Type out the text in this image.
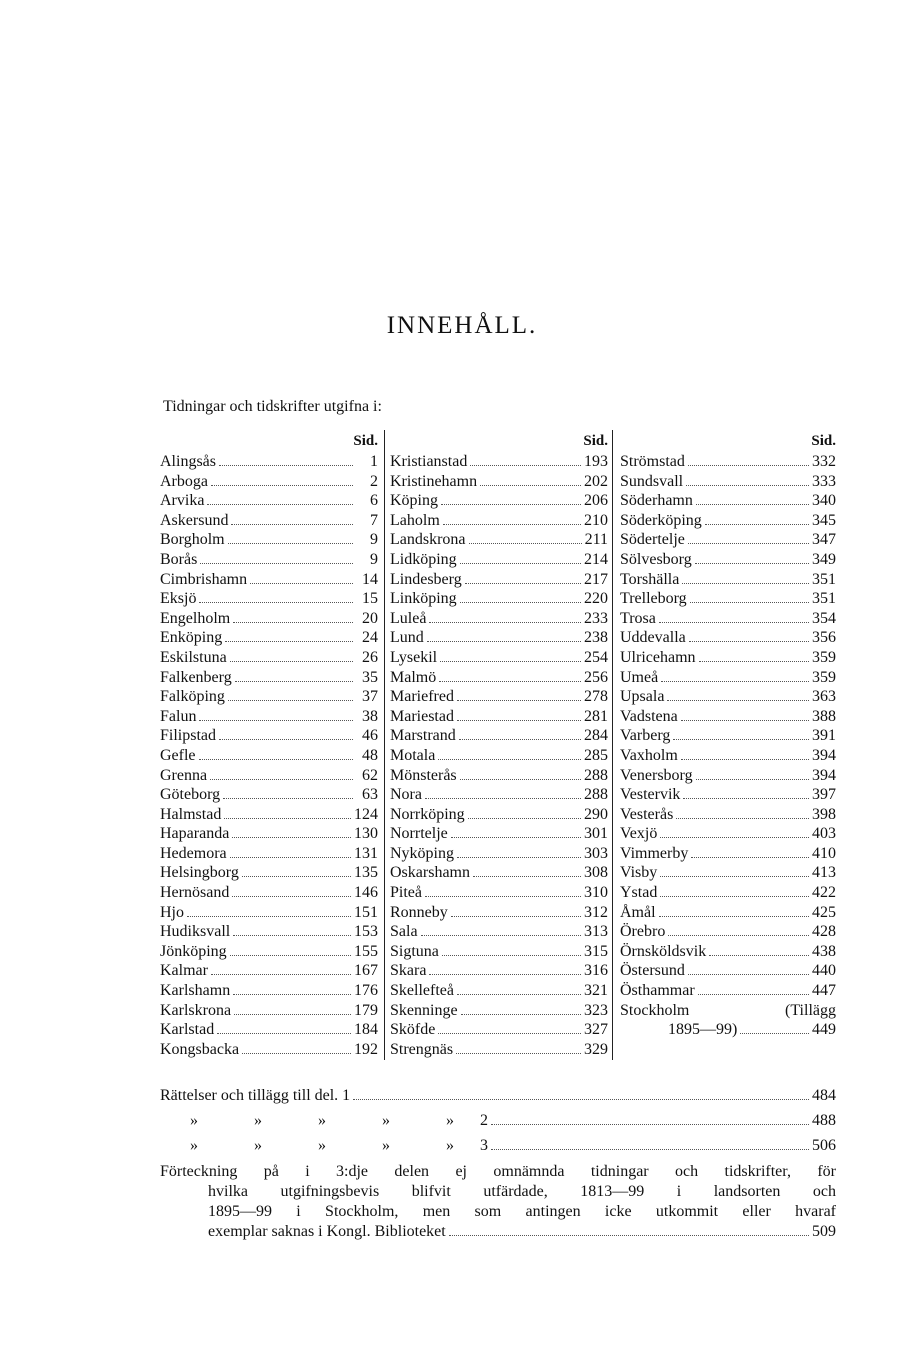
INNEHÅLL.
Tidningar och tidskrifter utgifna i:
Sid.
Alingsås	1
Arboga	2
Arvika	6
Askersund	7
Borgholm	9
Borås	9
Cimbrishamn	14
Eksjö	15
Engelholm	20
Enköping	24
Eskilstuna	26
Falkenberg	35
Falköping	37
Falun	38
Filipstad	46
Gefle	48
Grenna	62
Göteborg	63
Halmstad	124
Haparanda	130
Hedemora	131
Helsingborg	135
Hernösand	146
Hjo	151
Hudiksvall	153
Jönköping	155
Kalmar	167
Karlshamn	176
Karlskrona	179
Karlstad	184
Kongsbacka	192
Sid.
Kristianstad	193
Kristinehamn	202
Köping	206
Laholm	210
Landskrona	211
Lidköping	214
Lindesberg	217
Linköping	220
Luleå	233
Lund	238
Lysekil	254
Malmö	256
Mariefred	278
Mariestad	281
Marstrand	284
Motala	285
Mönsterås	288
Nora	288
Norrköping	290
Norrtelje	301
Nyköping	303
Oskarshamn	308
Piteå	310
Ronneby	312
Sala	313
Sigtuna	315
Skara	316
Skellefteå	321
Skenninge	323
Sköfde	327
Strengnäs	329
Sid.
Strömstad	332
Sundsvall	333
Söderhamn	340
Söderköping	345
Södertelje	347
Sölvesborg	349
Torshälla	351
Trelleborg	351
Trosa	354
Uddevalla	356
Ulricehamn	359
Umeå	359
Upsala	363
Vadstena	388
Varberg	391
Vaxholm	394
Venersborg	394
Vestervik	397
Vesterås	398
Vexjö	403
Vimmerby	410
Visby	413
Ystad	422
Åmål	425
Örebro	428
Örnsköldsvik	438
Östersund	440
Östhammar	447
Stockholm	(Tillägg
1895—99)	449
Rättelser och tillägg till del. 1	484
» » » » » 2	488
» » » » » 3	506
Förteckning på i 3:dje delen ej omnämnda tidningar och tidskrifter, för
hvilka utgifningsbevis blifvit utfärdade, 1813—99 i landsorten och
1895—99 i Stockholm, men som antingen icke utkommit eller hvaraf
exemplar saknas i Kongl. Biblioteket	509
